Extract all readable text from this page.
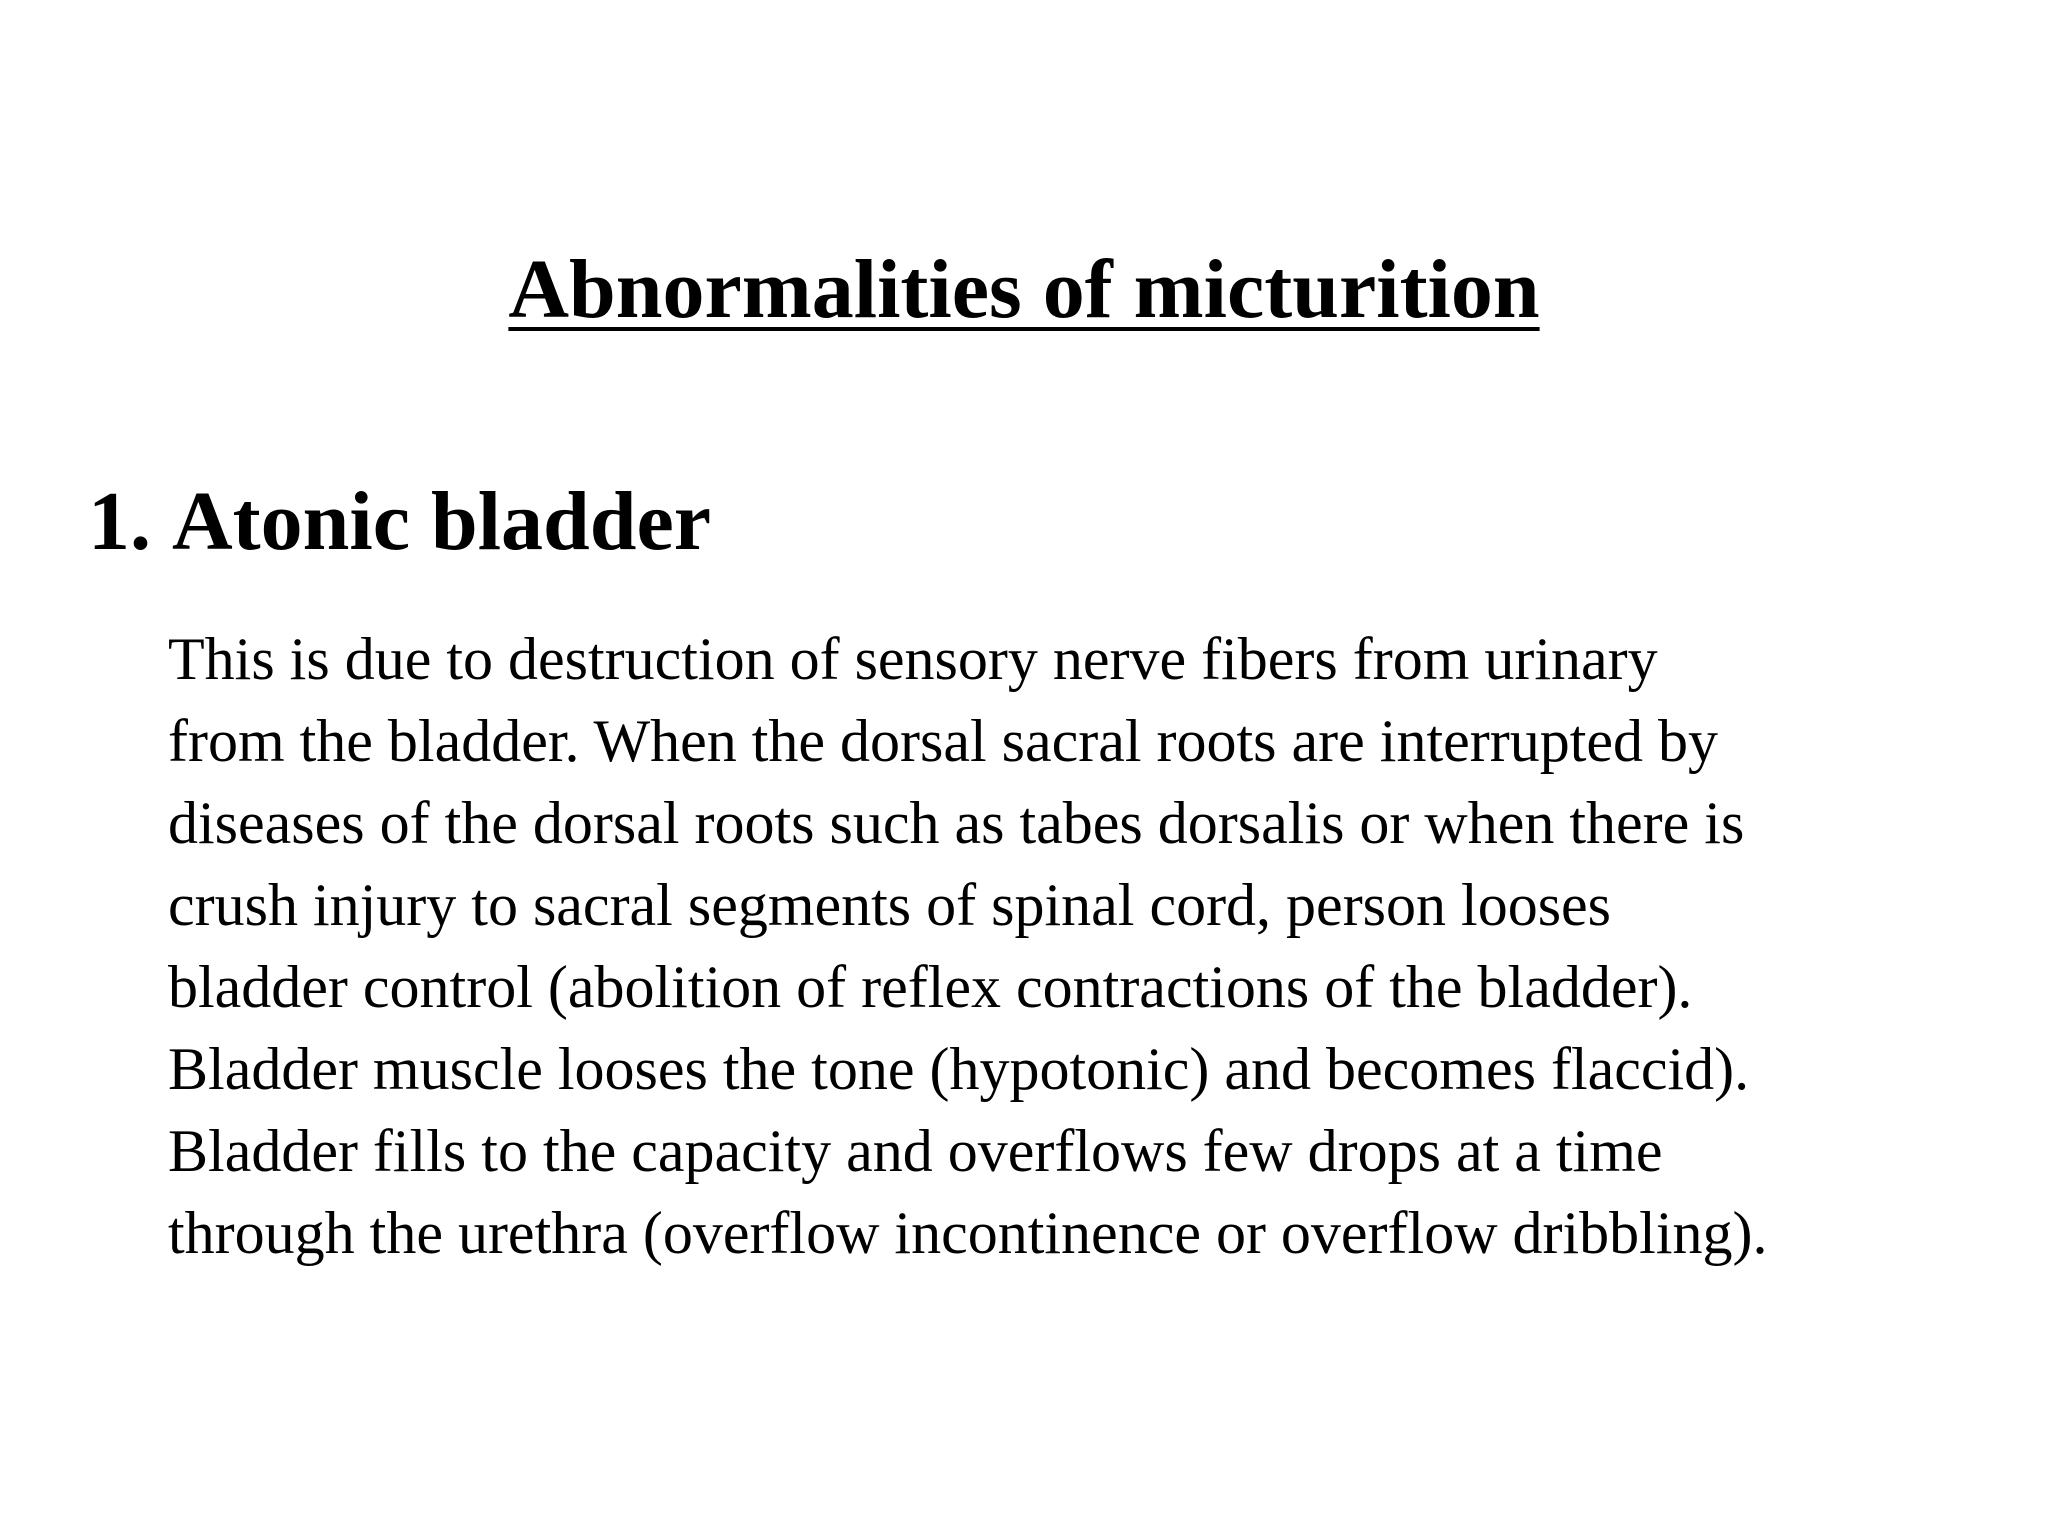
Abnormalities of micturition
1. Atonic bladder
This is due to destruction of sensory nerve fibers from urinary
from the bladder. When the dorsal sacral roots are interrupted by
diseases of the dorsal roots such as tabes dorsalis or when there is
crush injury to sacral segments of spinal cord, person looses
bladder control (abolition of reflex contractions of the bladder).
Bladder muscle looses the tone (hypotonic) and becomes flaccid).
Bladder fills to the capacity and overflows few drops at a time
through the urethra (overflow incontinence or overflow dribbling).
